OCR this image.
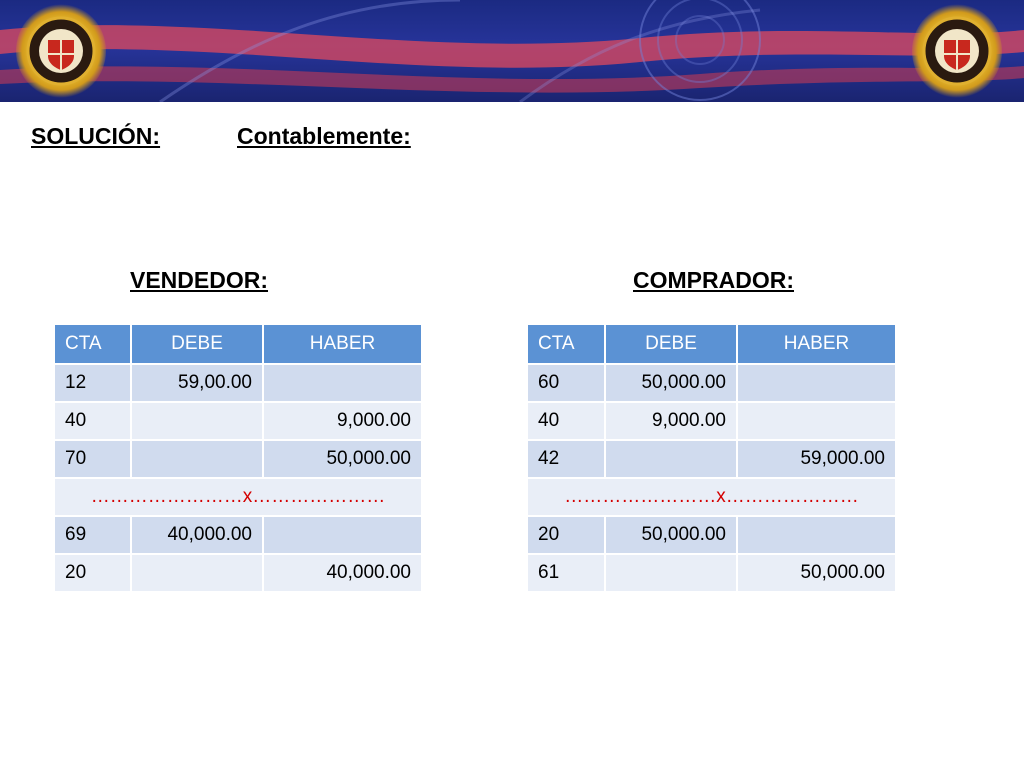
SOLUCIÓN:	Contablemente:
VENDEDOR:	COMPRADOR:
CTA	DEBE	HABER
12	59,00.00	
40		9,000.00
70		50,000.00
……………………x…………………		
69	40,000.00	
20		40,000.00
CTA	DEBE	HABER
60	50,000.00	
40	9,000.00	
42		59,000.00
……………………x…………………		
20	50,000.00	
61		50,000.00
